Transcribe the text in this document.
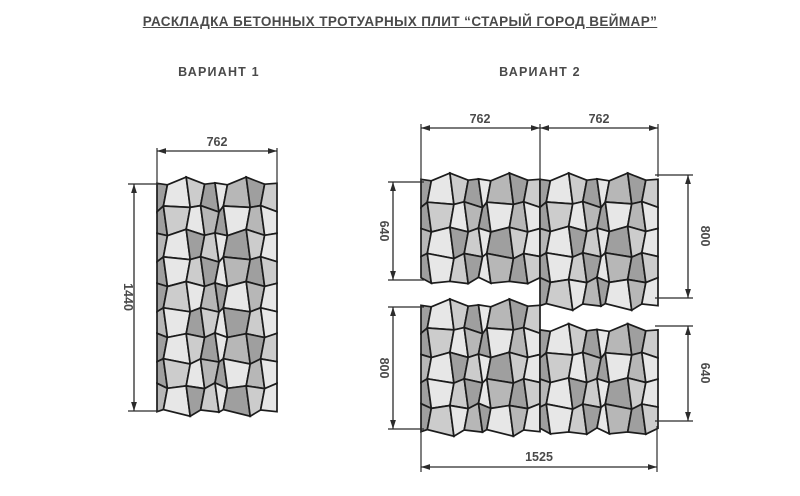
РАСКЛАДКА БЕТОННЫХ ТРОТУАРНЫХ ПЛИТ “СТАРЫЙ ГОРОД ВЕЙМАР”
ВАРИАНТ 1	ВАРИАНТ 2
762
1440
762	762
640	800
800	640
1525
